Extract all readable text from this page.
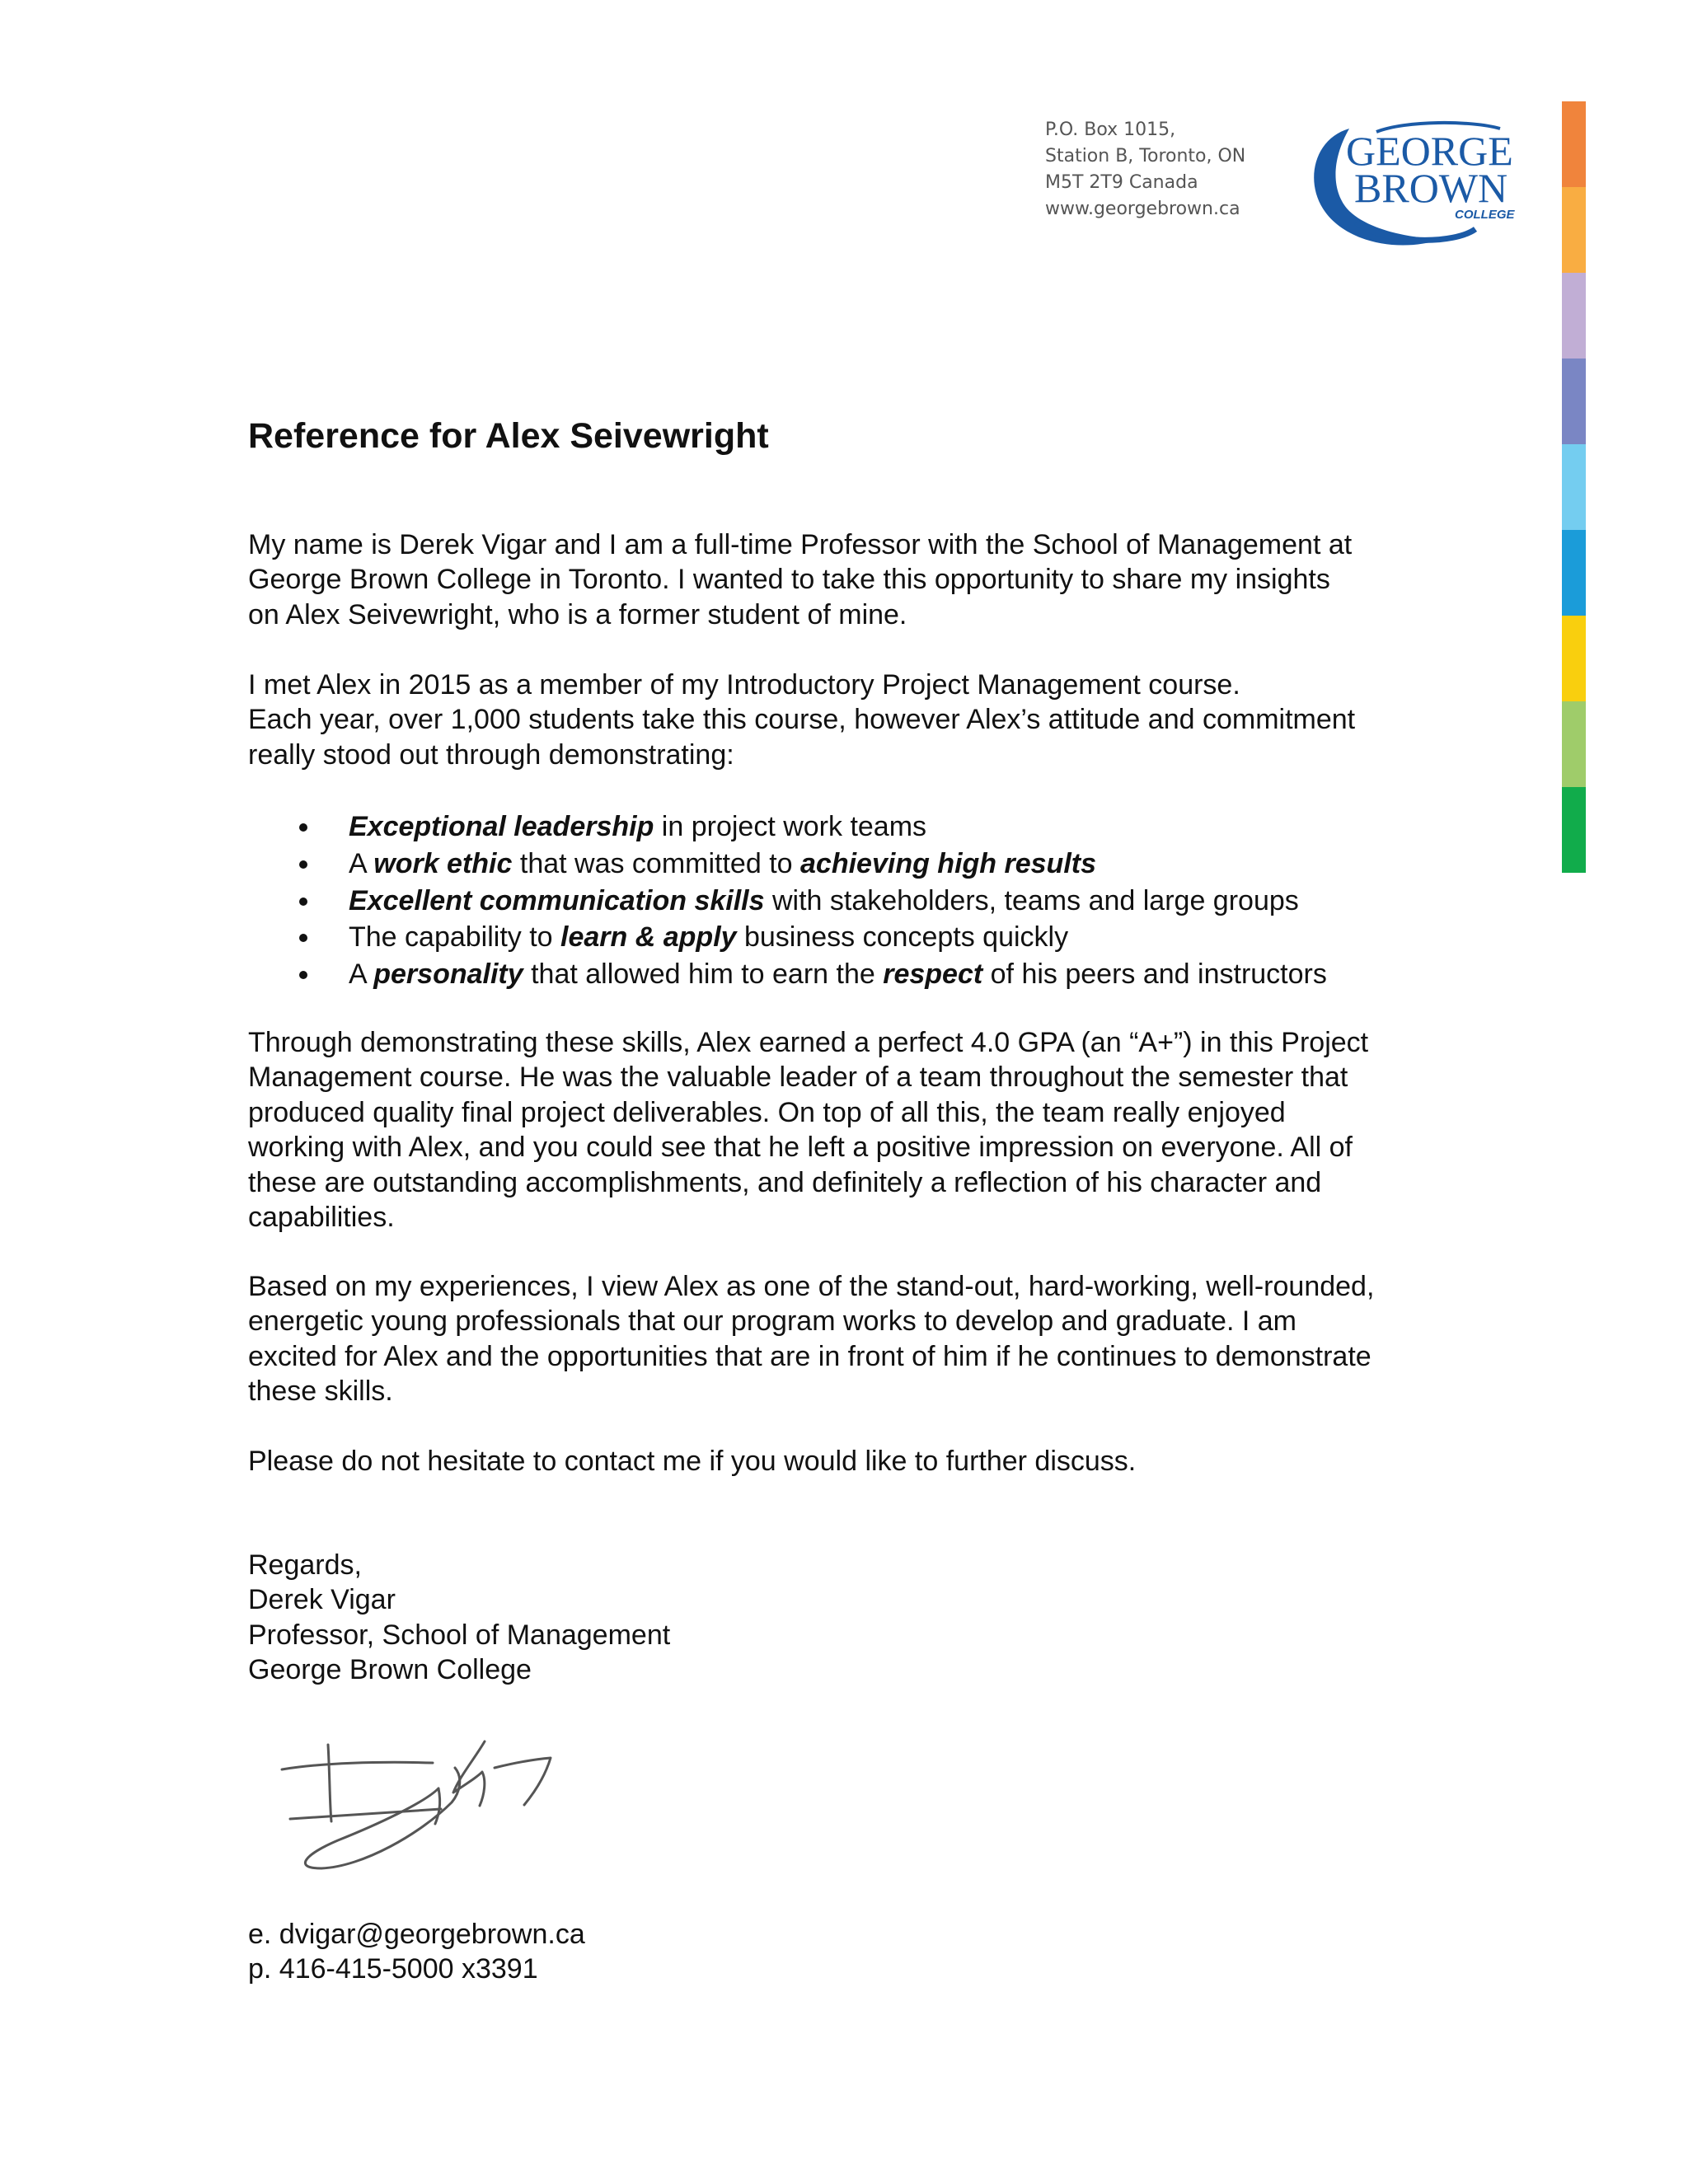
P.O. Box 1015,
Station B, Toronto, ON
M5T 2T9 Canada
www.georgebrown.ca
GEORGE
BROWN
COLLEGE
Reference for Alex Seivewright
My name is Derek Vigar and I am a full-time Professor with the School of Management at
George Brown College in Toronto. I wanted to take this opportunity to share my insights
on Alex Seivewright, who is a former student of mine.
I met Alex in 2015 as a member of my Introductory Project Management course.
Each year, over 1,000 students take this course, however Alex’s attitude and commitment
really stood out through demonstrating:
Exceptional leadership in project work teams
A work ethic that was committed to achieving high results
Excellent communication skills with stakeholders, teams and large groups
The capability to learn & apply business concepts quickly
A personality that allowed him to earn the respect of his peers and instructors
Through demonstrating these skills, Alex earned a perfect 4.0 GPA (an “A+”) in this Project
Management course. He was the valuable leader of a team throughout the semester that
produced quality final project deliverables. On top of all this, the team really enjoyed
working with Alex, and you could see that he left a positive impression on everyone. All of
these are outstanding accomplishments, and definitely a reflection of his character and
capabilities.
Based on my experiences, I view Alex as one of the stand-out, hard-working, well-rounded,
energetic young professionals that our program works to develop and graduate. I am
excited for Alex and the opportunities that are in front of him if he continues to demonstrate
these skills.
Please do not hesitate to contact me if you would like to further discuss.
Regards,
Derek Vigar
Professor, School of Management
George Brown College
e. dvigar@georgebrown.ca
p. 416-415-5000 x3391
